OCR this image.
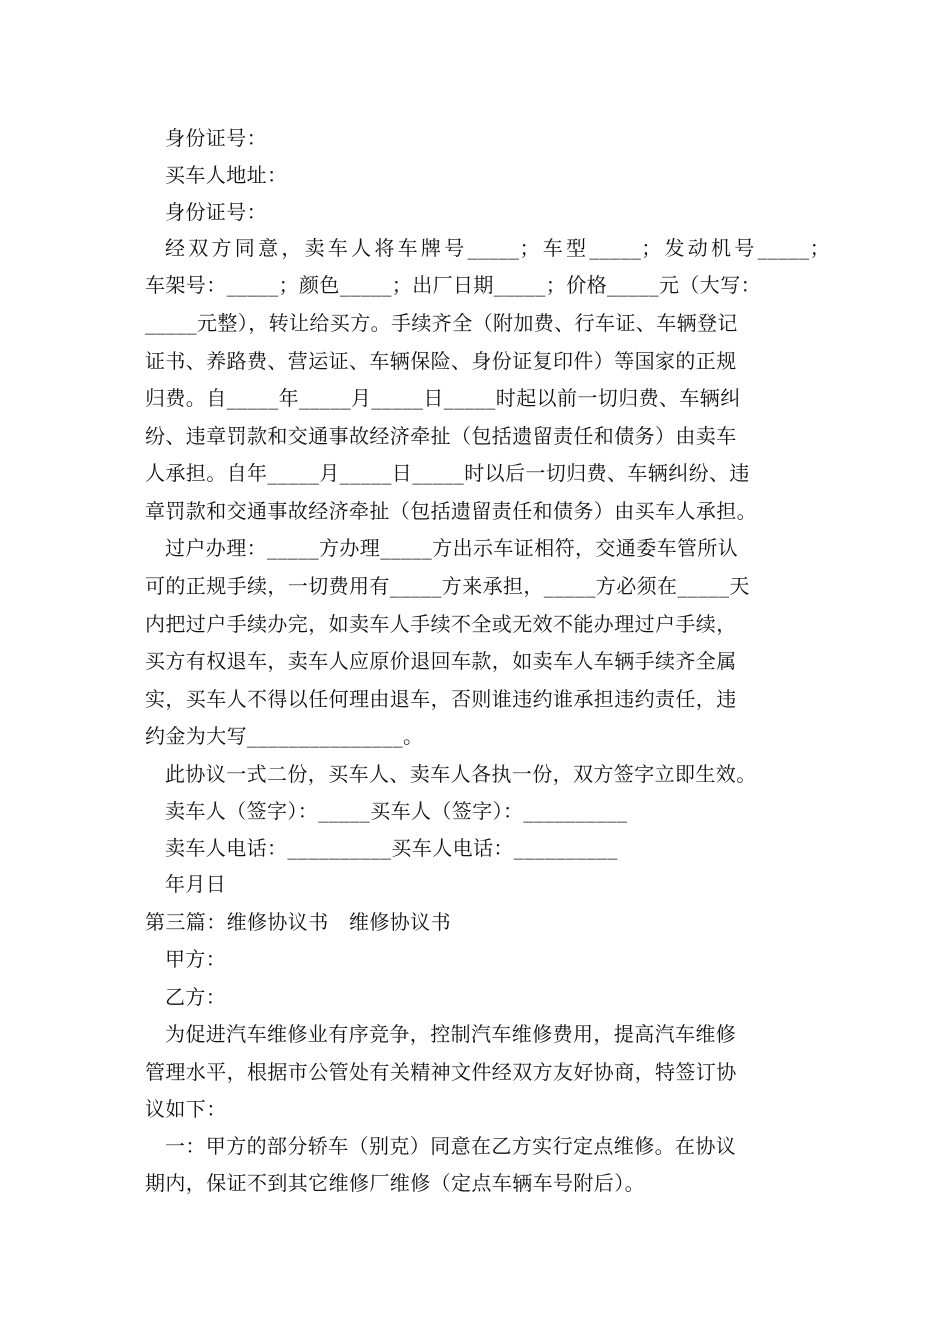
身份证号：
买车人地址：
身份证号：
经双方同意，卖车人将车牌号_____；车型_____；发动机号_____；
车架号：_____；颜色_____；出厂日期_____；价格_____元（大写：
_____元整），转让给买方。手续齐全（附加费、行车证、车辆登记
证书、养路费、营运证、车辆保险、身份证复印件）等国家的正规
归费。自_____年_____月_____日_____时起以前一切归费、车辆纠
纷、违章罚款和交通事故经济牵扯（包括遗留责任和债务）由卖车
人承担。自年_____月_____日_____时以后一切归费、车辆纠纷、违
章罚款和交通事故经济牵扯（包括遗留责任和债务）由买车人承担。
过户办理：_____方办理_____方出示车证相符，交通委车管所认
可的正规手续，一切费用有_____方来承担，_____方必须在_____天
内把过户手续办完，如卖车人手续不全或无效不能办理过户手续，
买方有权退车，卖车人应原价退回车款，如卖车人车辆手续齐全属
实，买车人不得以任何理由退车，否则谁违约谁承担违约责任，违
约金为大写_______________。
此协议一式二份，买车人、卖车人各执一份，双方签字立即生效。
卖车人（签字）：_____买车人（签字）：__________
卖车人电话：__________买车人电话：__________
年月日
第三篇：维修协议书　维修协议书
甲方：
乙方：
为促进汽车维修业有序竞争，控制汽车维修费用，提高汽车维修
管理水平，根据市公管处有关精神文件经双方友好协商，特签订协
议如下：
一：甲方的部分轿车（别克）同意在乙方实行定点维修。在协议
期内，保证不到其它维修厂维修（定点车辆车号附后）。
